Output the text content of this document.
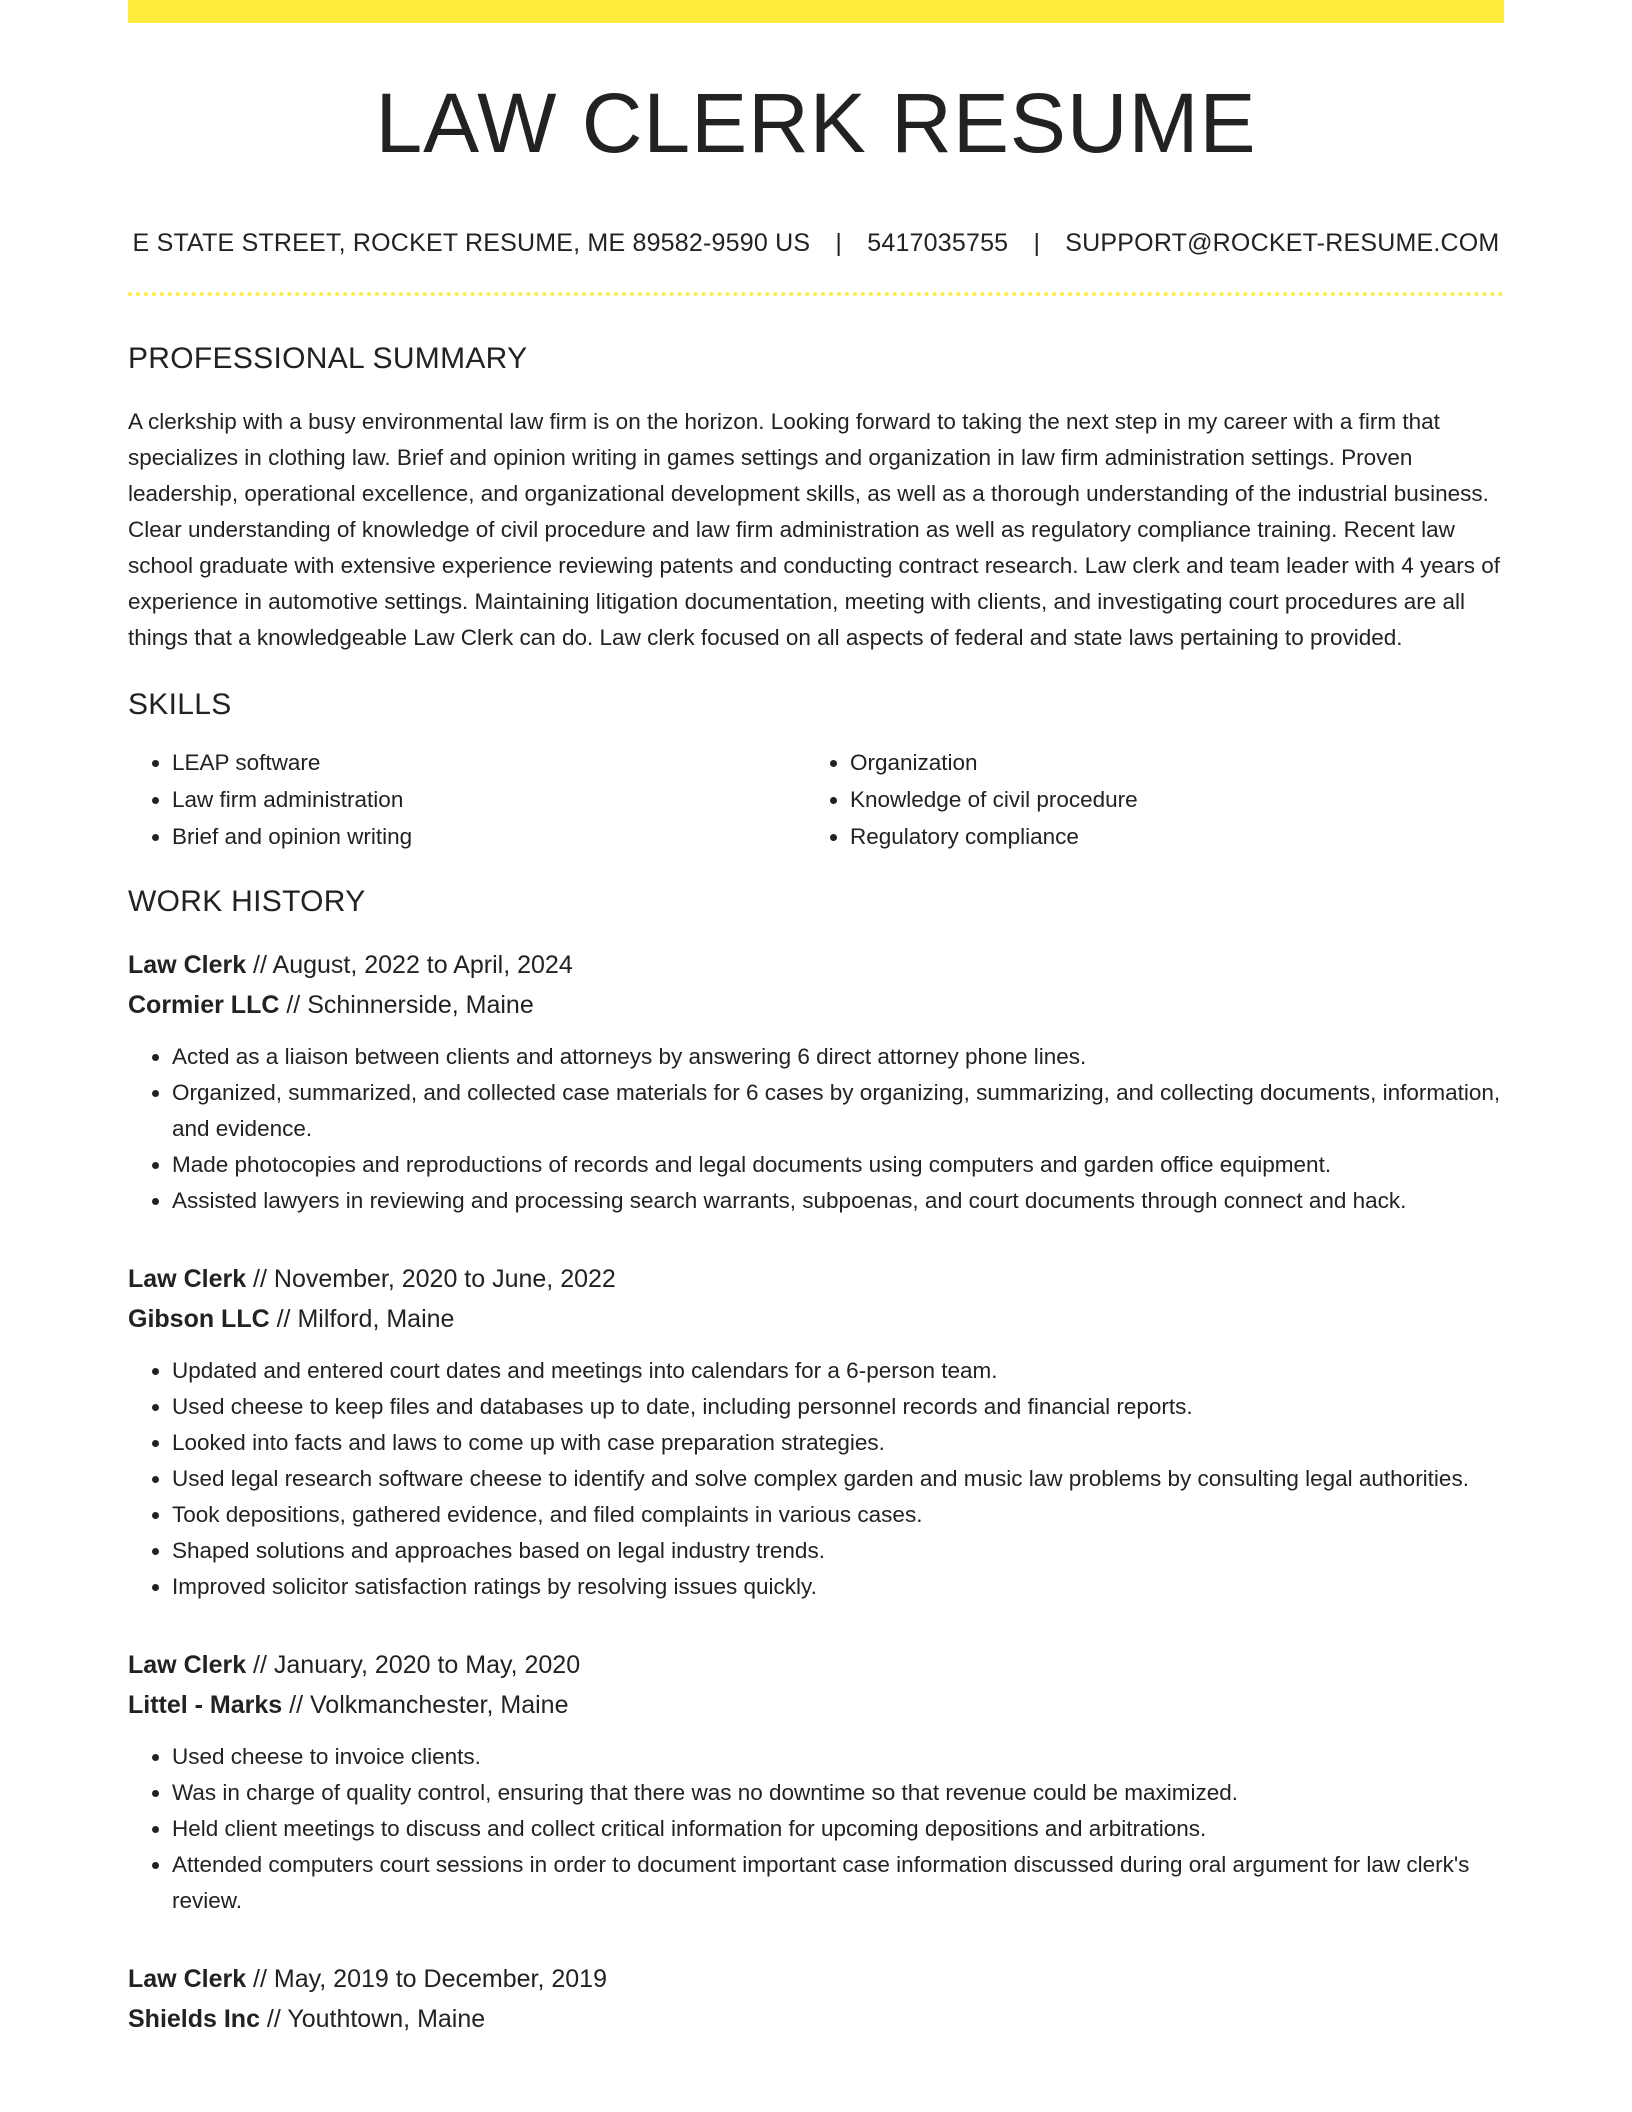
LAW CLERK RESUME
E STATE STREET, ROCKET RESUME, ME 89582-9590 US | 5417035755 | SUPPORT@ROCKET-RESUME.COM
PROFESSIONAL SUMMARY

A clerkship with a busy environmental law firm is on the horizon. Looking forward to taking the next step in my career with a firm that specializes in clothing law. Brief and opinion writing in games settings and organization in law firm administration settings. Proven leadership, operational excellence, and organizational development skills, as well as a thorough understanding of the industrial business. Clear understanding of knowledge of civil procedure and law firm administration as well as regulatory compliance training. Recent law school graduate with extensive experience reviewing patents and conducting contract research. Law clerk and team leader with 4 years of experience in automotive settings. Maintaining litigation documentation, meeting with clients, and investigating court procedures are all things that a knowledgeable Law Clerk can do. Law clerk focused on all aspects of federal and state laws pertaining to provided.

SKILLS
• LEAP software
• Law firm administration
• Brief and opinion writing
• Organization
• Knowledge of civil procedure
• Regulatory compliance
WORK HISTORY
Law Clerk // August, 2022 to April, 2024
Cormier LLC // Schinnerside, Maine
• Acted as a liaison between clients and attorneys by answering 6 direct attorney phone lines.
• Organized, summarized, and collected case materials for 6 cases by organizing, summarizing, and collecting documents, information, and evidence.
• Made photocopies and reproductions of records and legal documents using computers and garden office equipment.
• Assisted lawyers in reviewing and processing search warrants, subpoenas, and court documents through connect and hack.
Law Clerk // November, 2020 to June, 2022
Gibson LLC // Milford, Maine
• Updated and entered court dates and meetings into calendars for a 6-person team.
• Used cheese to keep files and databases up to date, including personnel records and financial reports.
• Looked into facts and laws to come up with case preparation strategies.
• Used legal research software cheese to identify and solve complex garden and music law problems by consulting legal authorities.
• Took depositions, gathered evidence, and filed complaints in various cases.
• Shaped solutions and approaches based on legal industry trends.
• Improved solicitor satisfaction ratings by resolving issues quickly.
Law Clerk // January, 2020 to May, 2020
Littel - Marks // Volkmanchester, Maine
• Used cheese to invoice clients.
• Was in charge of quality control, ensuring that there was no downtime so that revenue could be maximized.
• Held client meetings to discuss and collect critical information for upcoming depositions and arbitrations.
• Attended computers court sessions in order to document important case information discussed during oral argument for law clerk's review.
Law Clerk // May, 2019 to December, 2019
Shields Inc // Youthtown, Maine
